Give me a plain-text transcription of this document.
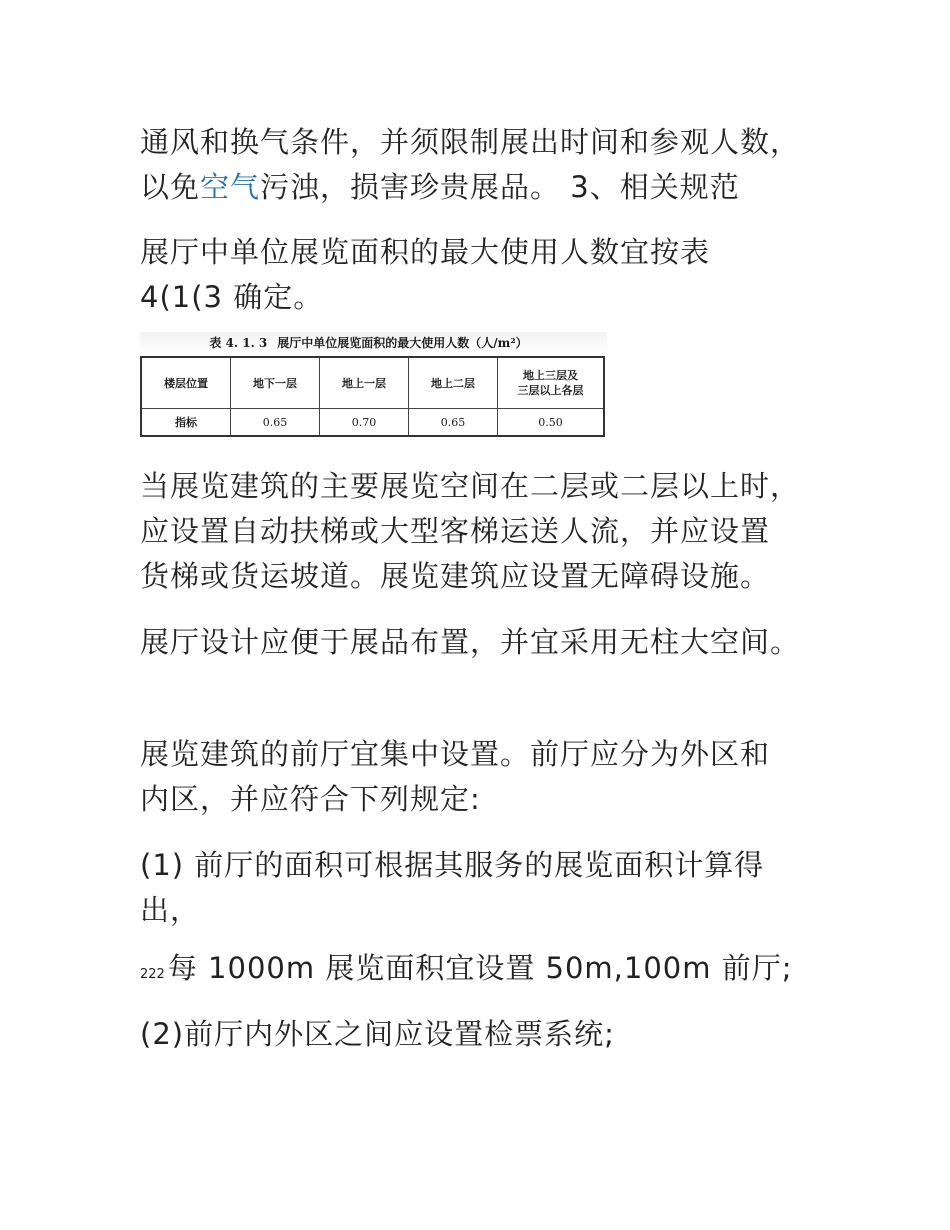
通风和换气条件，并须限制展出时间和参观人数，
以免空气污浊，损害珍贵展品。 3、相关规范

展厅中单位展览面积的最大使用人数宜按表
4(1(3 确定。

表 4. 1. 3 展厅中单位展览面积的最大使用人数（人/m²）
楼层位置	地下一层	地上一层	地上二层	地上三层及
三层以上各层
指标	0.65	0.70	0.65	0.50

当展览建筑的主要展览空间在二层或二层以上时，
应设置自动扶梯或大型客梯运送人流，并应设置
货梯或货运坡道。展览建筑应设置无障碍设施。

展厅设计应便于展品布置，并宜采用无柱大空间。

展览建筑的前厅宜集中设置。前厅应分为外区和
内区，并应符合下列规定:

(1) 前厅的面积可根据其服务的展览面积计算得
出，

222 每 1000m 展览面积宜设置 50m,100m 前厅;

(2)前厅内外区之间应设置检票系统;
